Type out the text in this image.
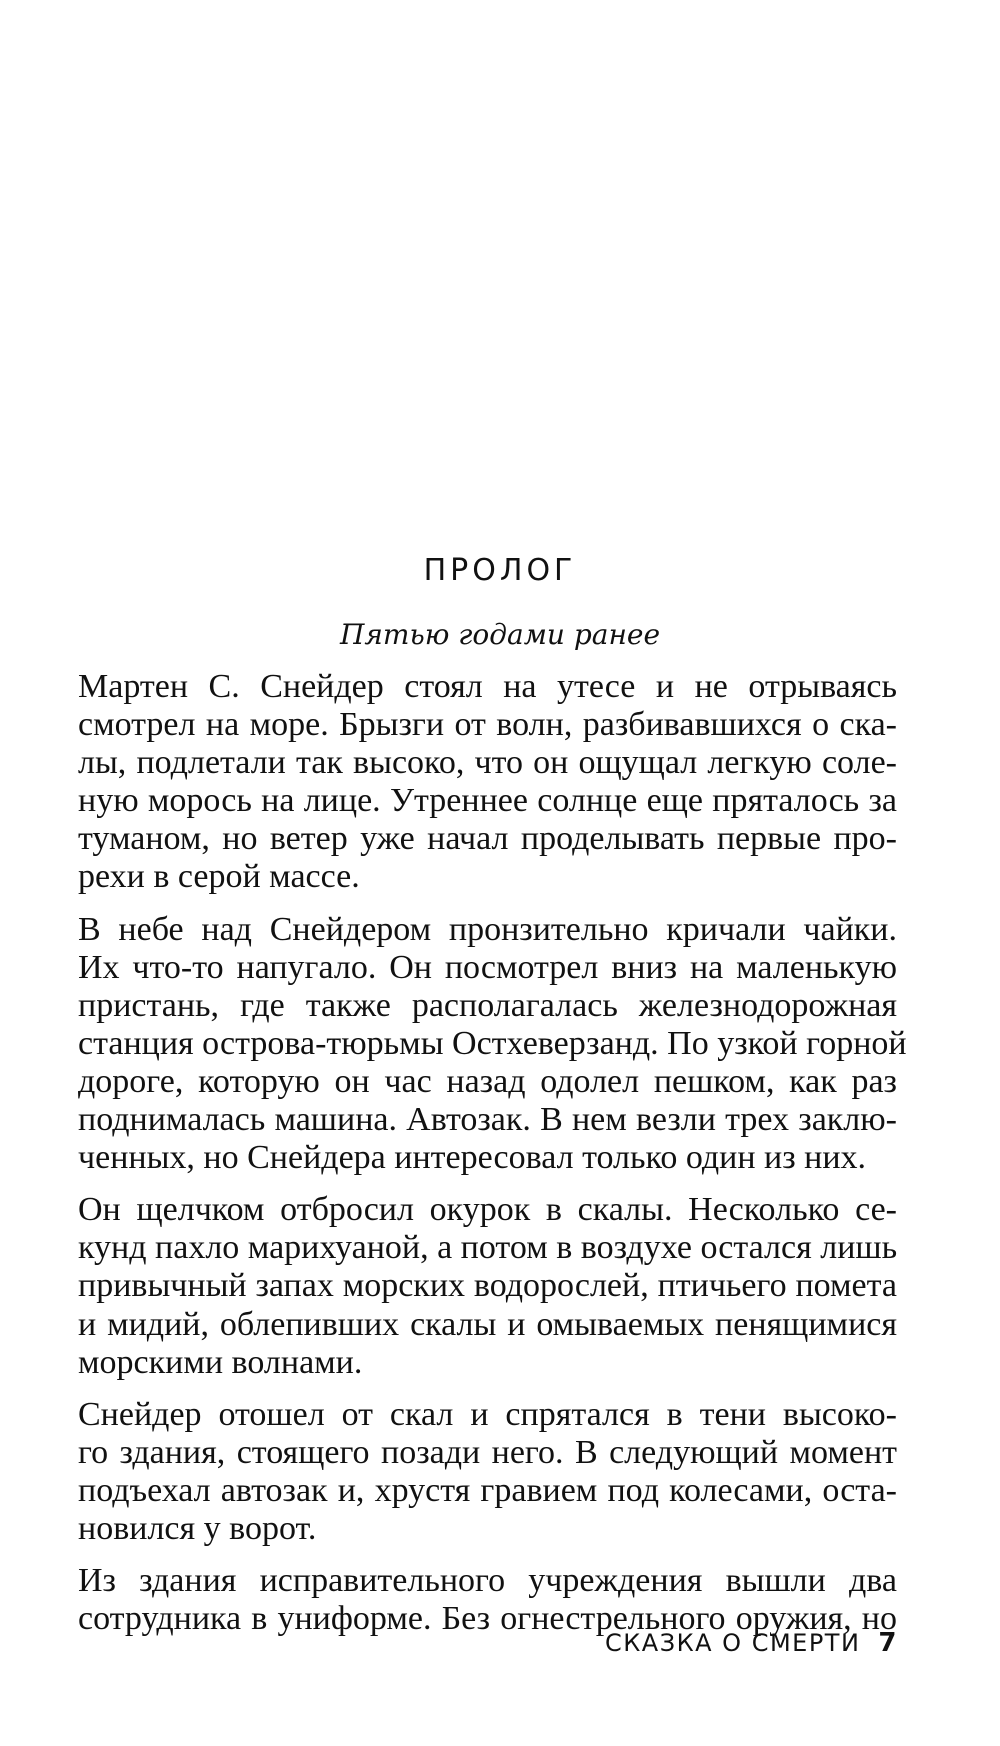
ПРОЛОГ
Пятью годами ранее
Мартен С. Снейдер стоял на утесе и не отрываясь
смотрел на море. Брызги от волн, разбивавшихся о ска-
лы, подлетали так высоко, что он ощущал легкую соле-
ную морось на лице. Утреннее солнце еще пряталось за
туманом, но ветер уже начал проделывать первые про-
рехи в серой массе.
В небе над Снейдером пронзительно кричали чайки.
Их что-то напугало. Он посмотрел вниз на маленькую
пристань, где также располагалась железнодорожная
станция острова-тюрьмы Остхеверзанд. По узкой горной
дороге, которую он час назад одолел пешком, как раз
поднималась машина. Автозак. В нем везли трех заклю-
ченных, но Снейдера интересовал только один из них.
Он щелчком отбросил окурок в скалы. Несколько се-
кунд пахло марихуаной, а потом в воздухе остался лишь
привычный запах морских водорослей, птичьего помета
и мидий, облепивших скалы и омываемых пенящимися
морскими волнами.
Снейдер отошел от скал и спрятался в тени высоко-
го здания, стоящего позади него. В следующий момент
подъехал автозак и, хрустя гравием под колесами, оста-
новился у ворот.
Из здания исправительного учреждения вышли два
сотрудника в униформе. Без огнестрельного оружия, но
СКАЗКА О СМЕРТИ 7
